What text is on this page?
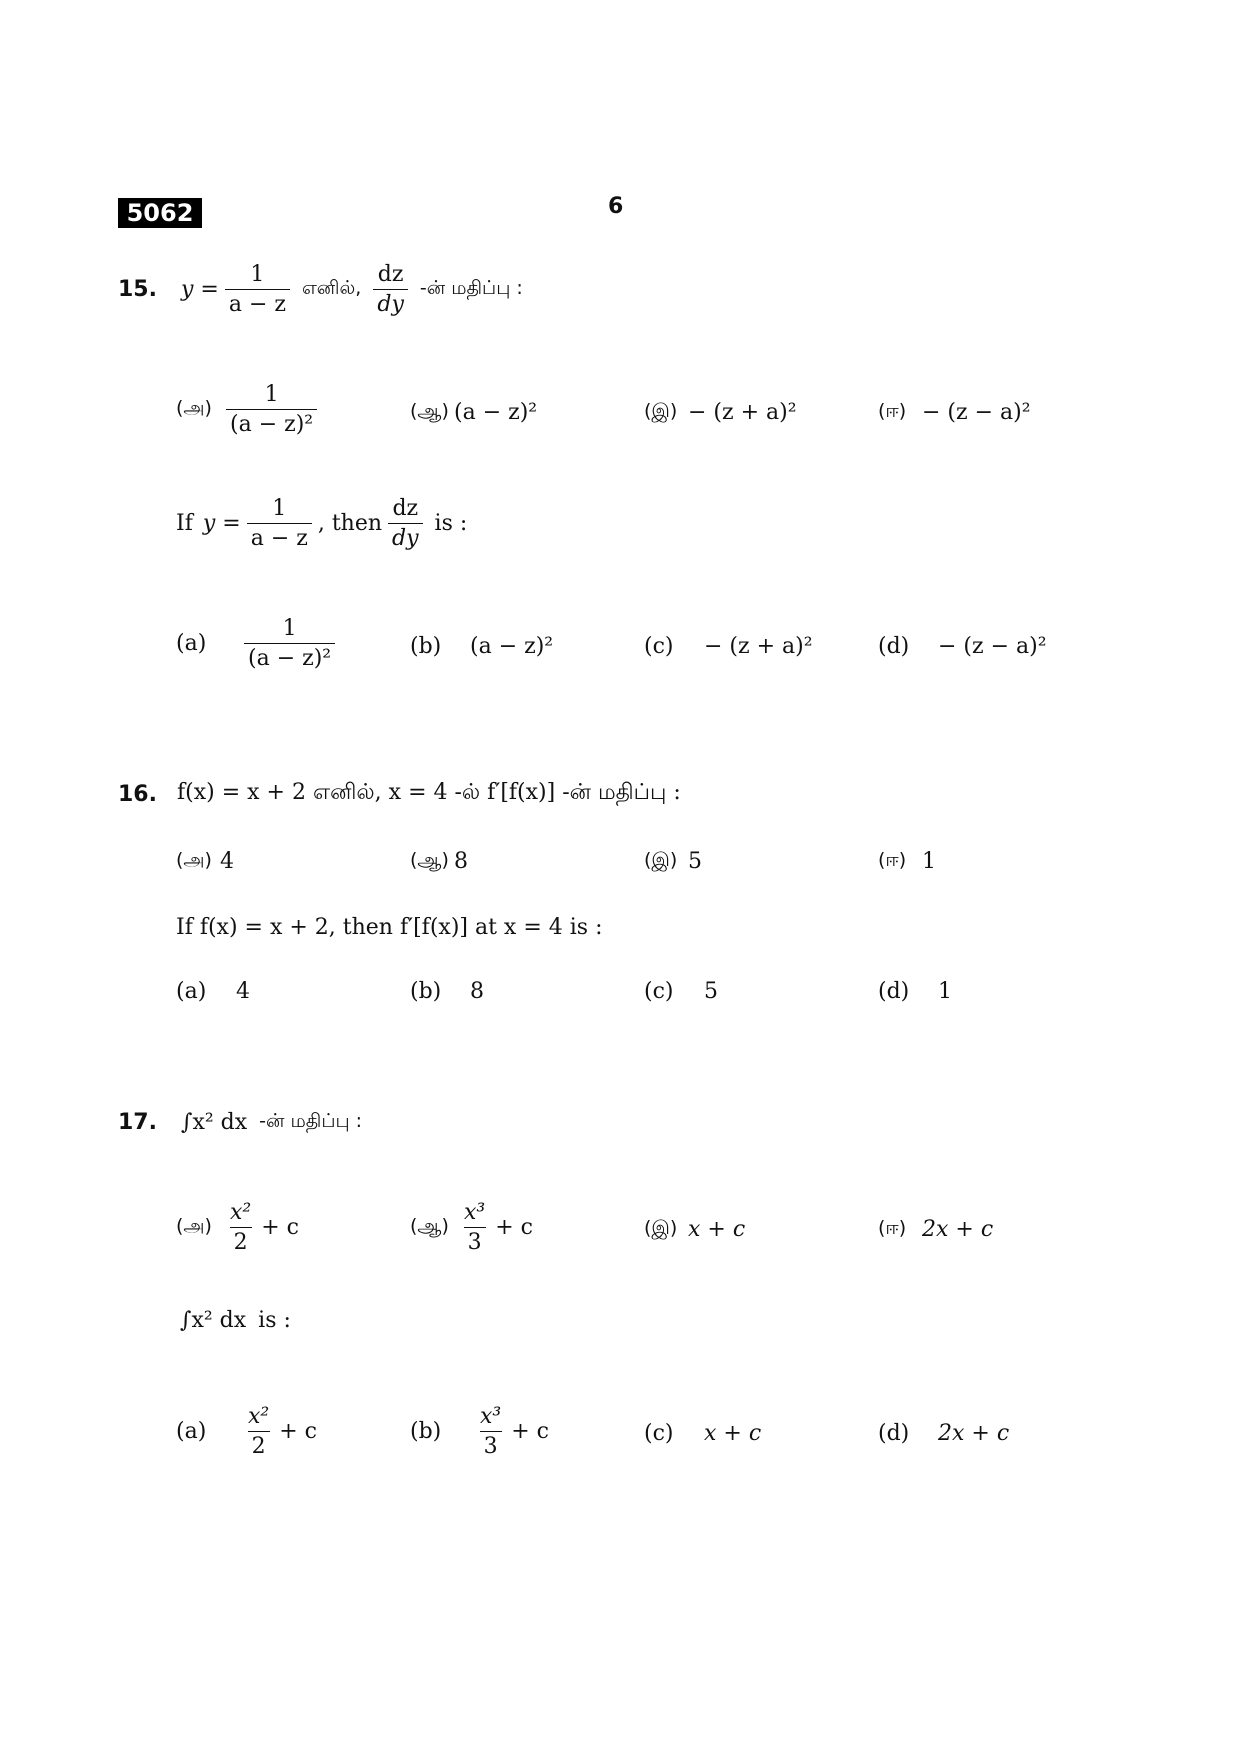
5062	6
15. $y = \frac{1}{a - z}$ எனில், $\frac{dz}{dy}$ -ன் மதிப்பு :
(அ) $\frac{1}{\text{(a − z)²}}$	(ஆ) (a − z)²	(இ) − (z + a)²	(ஈ) − (z − a)²
If $y = \frac{1}{a - z}$ , then $\frac{dz}{dy}$ is :
(a)	$\frac{1}{\text{(a − z)²}}$	(b)	(a − z)²	(c)	− (z + a)²	(d)	− (z − a)²
16. f(x) = x + 2 எனில், x = 4 -ல் f′[f(x)] -ன் மதிப்பு :
(அ) 4	(ஆ) 8	(இ) 5	(ஈ) 1
If f(x) = x + 2, then f′[f(x)] at x = 4 is :
(a)	4	(b)	8	(c)	5	(d)	1
17. ∫x² dx -ன் மதிப்பு :
(அ) $\frac{\text{x²}}{2} + c$	(ஆ) $\frac{\text{x³}}{3} + c$	(இ) x + c	(ஈ) 2x + c
∫x² dx is :
(a)	$\frac{\text{x²}}{2} + c$	(b)	$\frac{\text{x³}}{3} + c$	(c)	x + c	(d)	2x + c
